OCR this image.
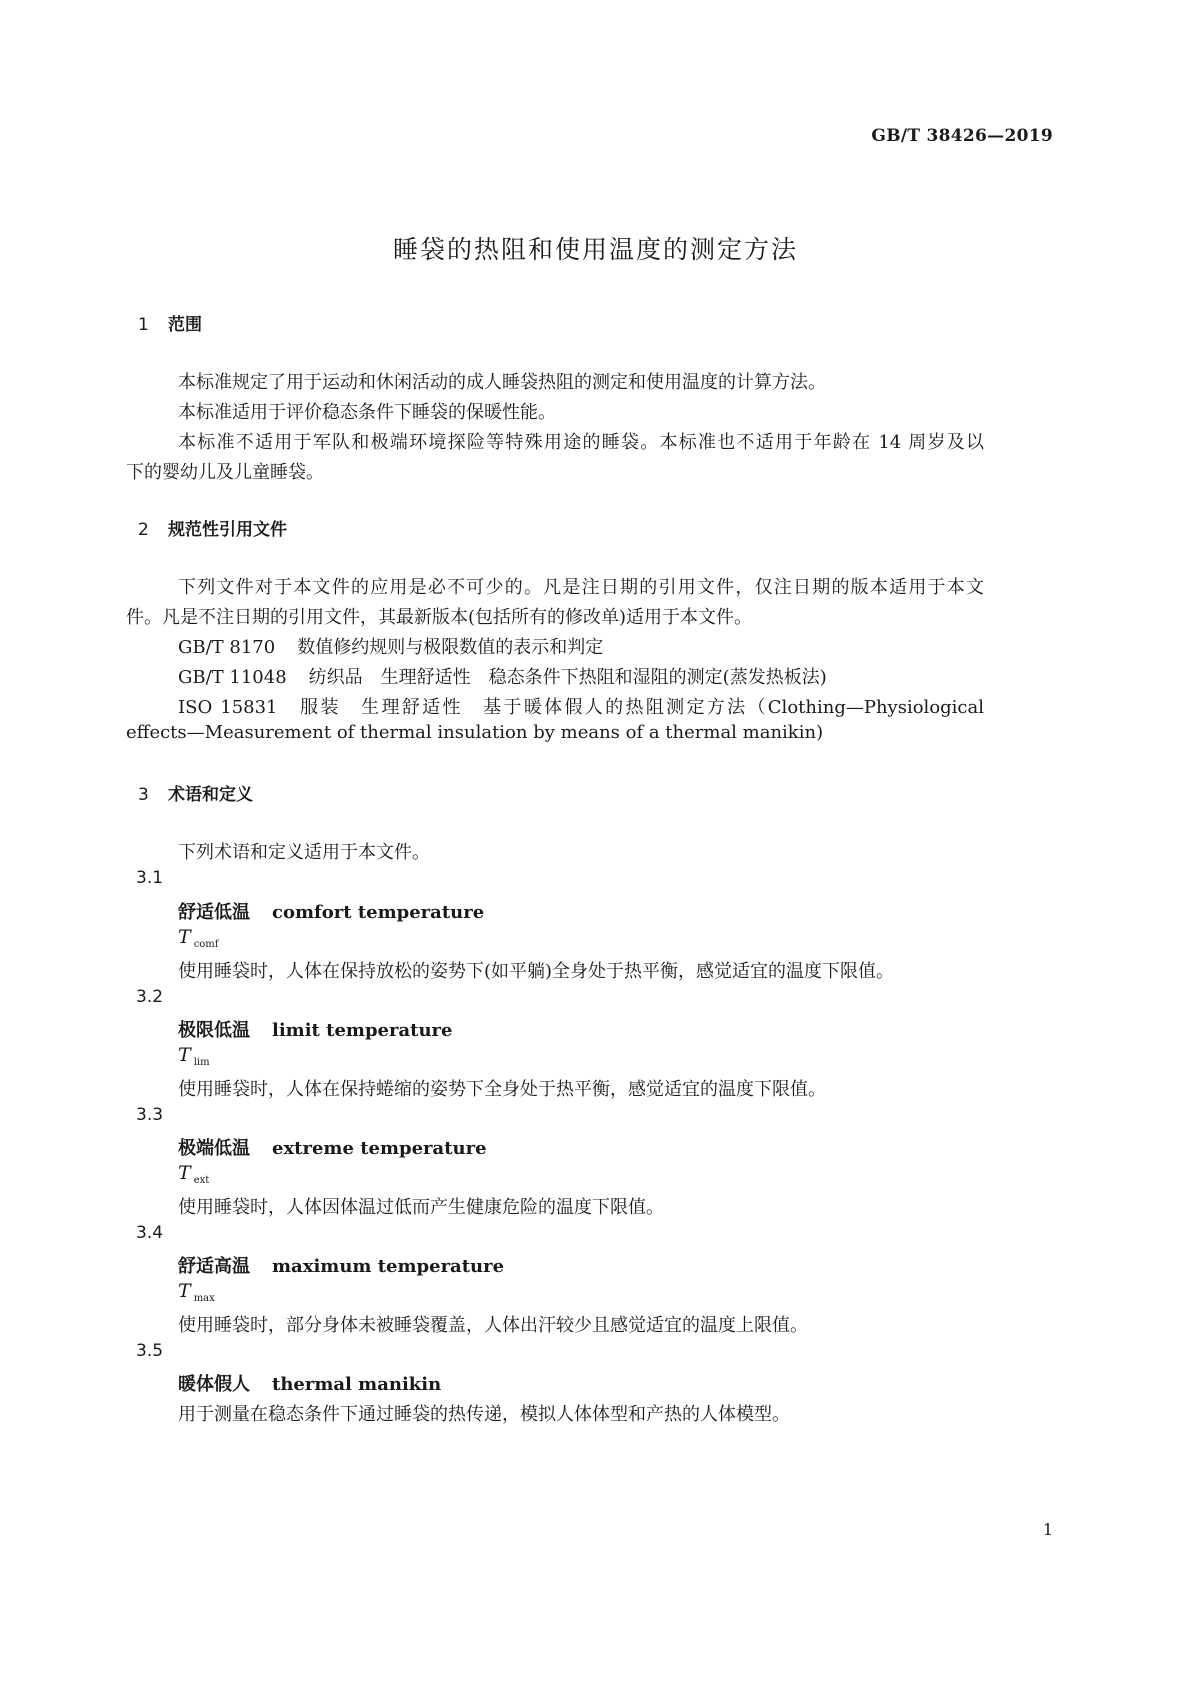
GB/T 38426—2019
睡袋的热阻和使用温度的测定方法
1 范围
本标准规定了用于运动和休闲活动的成人睡袋热阻的测定和使用温度的计算方法。
本标准适用于评价稳态条件下睡袋的保暖性能。
本标准不适用于军队和极端环境探险等特殊用途的睡袋。本标准也不适用于年龄在 14 周岁及以
下的婴幼儿及儿童睡袋。
2 规范性引用文件
下列文件对于本文件的应用是必不可少的。凡是注日期的引用文件，仅注日期的版本适用于本文
件。凡是不注日期的引用文件，其最新版本(包括所有的修改单)适用于本文件。
GB/T 8170 数值修约规则与极限数值的表示和判定
GB/T 11048 纺织品　生理舒适性　稳态条件下热阻和湿阻的测定(蒸发热板法)
ISO 15831　服装　生理舒适性　基于暖体假人的热阻测定方法（Clothing—Physiological
effects—Measurement of thermal insulation by means of a thermal manikin)
3 术语和定义
下列术语和定义适用于本文件。
3.1
舒适低温 comfort temperature
T $_{comf}$
使用睡袋时，人体在保持放松的姿势下(如平躺)全身处于热平衡，感觉适宜的温度下限值。
3.2
极限低温 limit temperature
T $_{lim}$
使用睡袋时，人体在保持蜷缩的姿势下全身处于热平衡，感觉适宜的温度下限值。
3.3
极端低温 extreme temperature
T $_{ext}$
使用睡袋时，人体因体温过低而产生健康危险的温度下限值。
3.4
舒适高温 maximum temperature
T $_{max}$
使用睡袋时，部分身体未被睡袋覆盖，人体出汗较少且感觉适宜的温度上限值。
3.5
暖体假人 thermal manikin
用于测量在稳态条件下通过睡袋的热传递，模拟人体体型和产热的人体模型。
1
